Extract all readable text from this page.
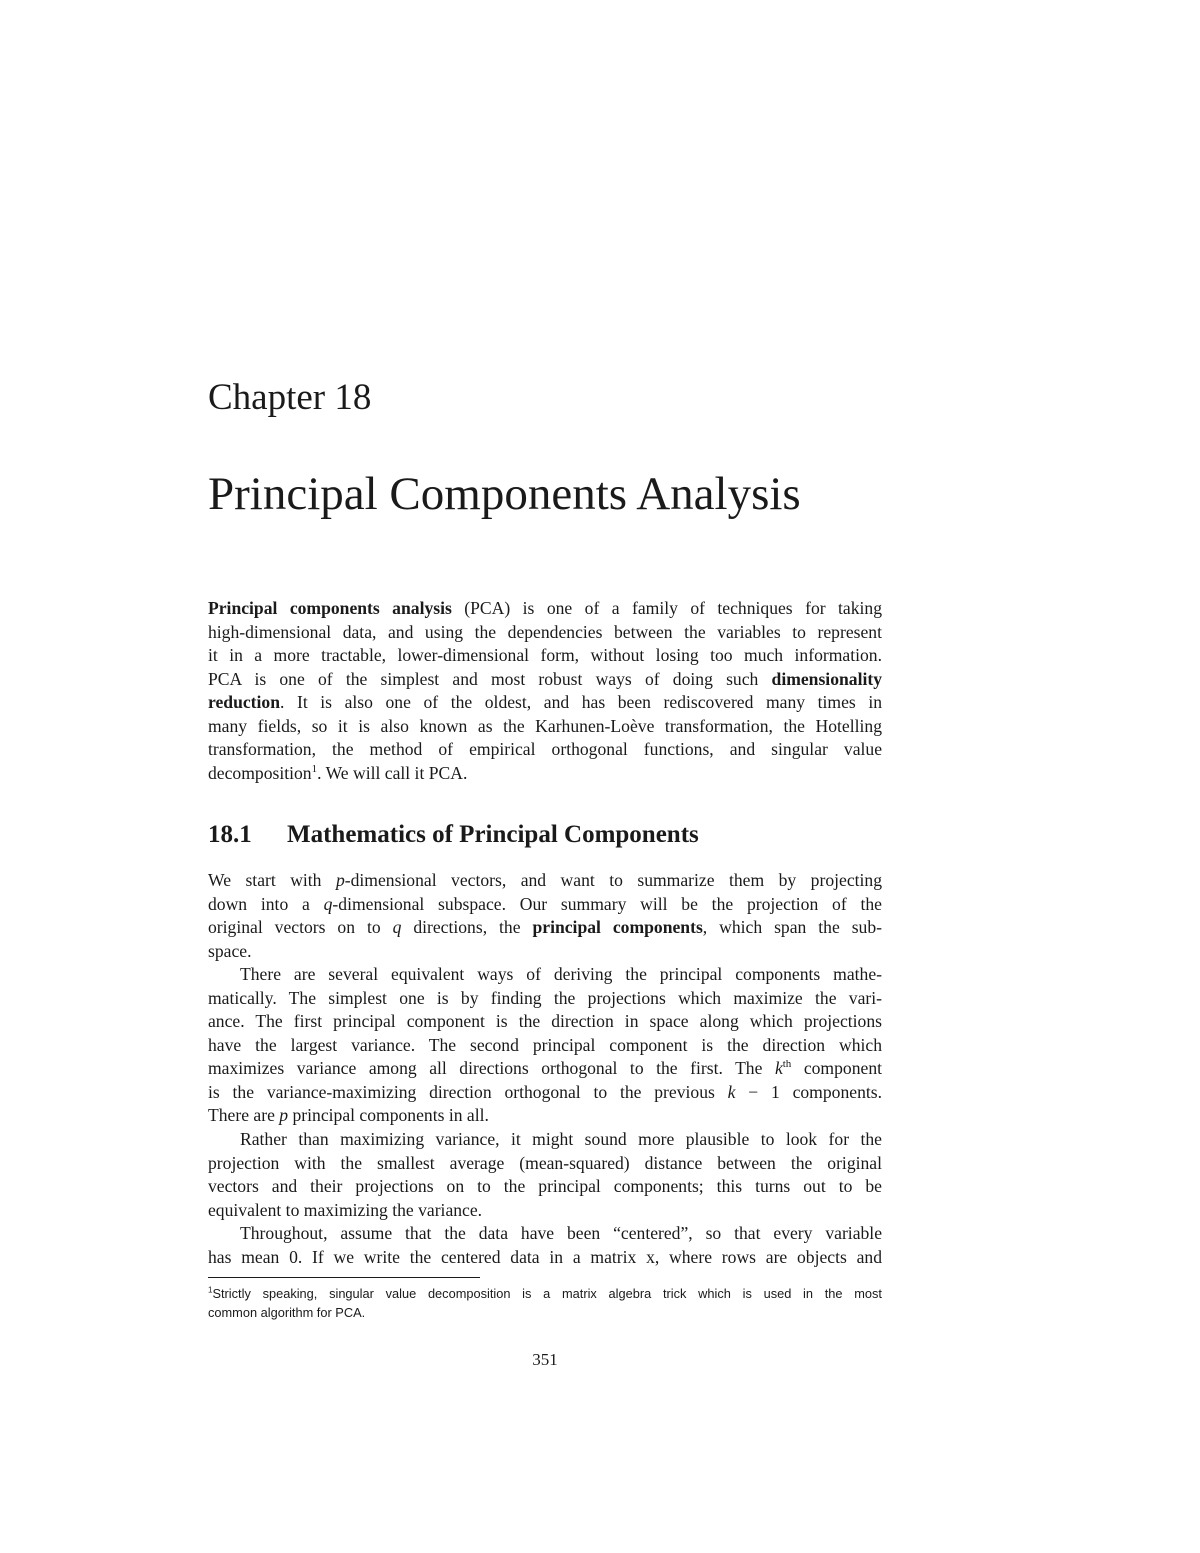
Chapter 18
Principal Components Analysis
Principal components analysis (PCA) is one of a family of techniques for taking
high-dimensional data, and using the dependencies between the variables to represent
it in a more tractable, lower-dimensional form, without losing too much information.
PCA is one of the simplest and most robust ways of doing such dimensionality
reduction. It is also one of the oldest, and has been rediscovered many times in
many fields, so it is also known as the Karhunen-Loève transformation, the Hotelling
transformation, the method of empirical orthogonal functions, and singular value
decomposition$^1$. We will call it PCA.
18.1 Mathematics of Principal Components
We start with p-dimensional vectors, and want to summarize them by projecting
down into a q-dimensional subspace. Our summary will be the projection of the
original vectors on to q directions, the principal components, which span the sub-
space.
There are several equivalent ways of deriving the principal components mathe-
matically. The simplest one is by finding the projections which maximize the vari-
ance. The first principal component is the direction in space along which projections
have the largest variance. The second principal component is the direction which
maximizes variance among all directions orthogonal to the first. The $k^{th}$ component
is the variance-maximizing direction orthogonal to the previous k − 1 components.
There are p principal components in all.
Rather than maximizing variance, it might sound more plausible to look for the
projection with the smallest average (mean-squared) distance between the original
vectors and their projections on to the principal components; this turns out to be
equivalent to maximizing the variance.
Throughout, assume that the data have been “centered”, so that every variable
has mean 0. If we write the centered data in a matrix x, where rows are objects and
$^1$Strictly speaking, singular value decomposition is a matrix algebra trick which is used in the most
common algorithm for PCA.
351
